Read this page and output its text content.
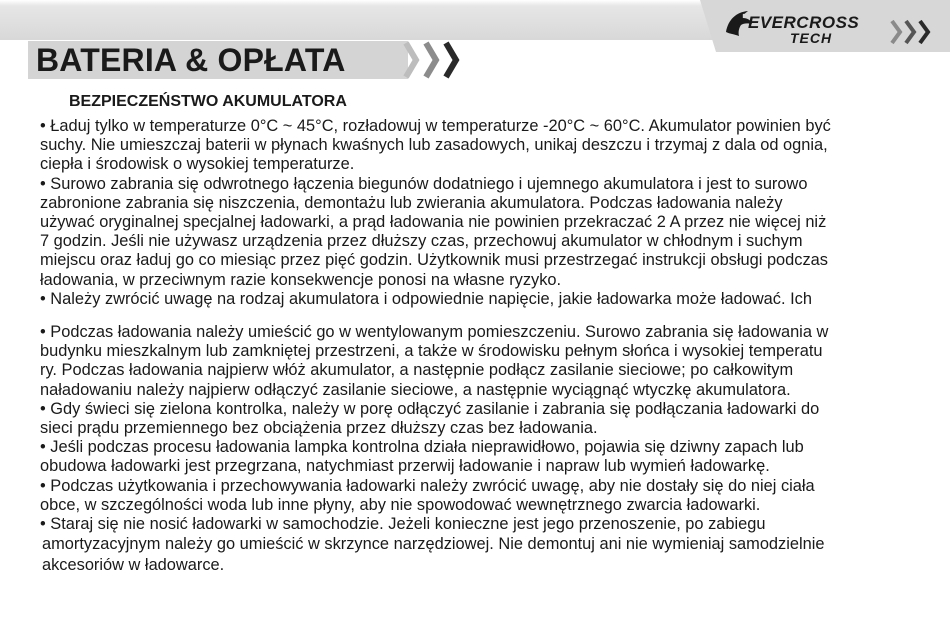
EVERCROSS
TECH
BATERIA & OPŁATA
BEZPIECZEŃSTWO AKUMULATORA

• Ładuj tylko w temperaturze 0°C ~ 45°C, rozładowuj w temperaturze -20°C ~ 60°C. Akumulator powinien być

suchy. Nie umieszczaj baterii w płynach kwaśnych lub zasadowych, unikaj deszczu i trzymaj z dala od ognia,

ciepła i środowisk o wysokiej temperaturze.

• Surowo zabrania się odwrotnego łączenia biegunów dodatniego i ujemnego akumulatora i jest to surowo

zabronione zabrania się niszczenia, demontażu lub zwierania akumulatora. Podczas ładowania należy

używać oryginalnej specjalnej ładowarki, a prąd ładowania nie powinien przekraczać 2 A przez nie więcej niż

7 godzin. Jeśli nie używasz urządzenia przez dłuższy czas, przechowuj akumulator w chłodnym i suchym

miejscu oraz ładuj go co miesiąc przez pięć godzin. Użytkownik musi przestrzegać instrukcji obsługi podczas

ładowania, w przeciwnym razie konsekwencje ponosi na własne ryzyko.

• Należy zwrócić uwagę na rodzaj akumulatora i odpowiednie napięcie, jakie ładowarka może ładować. Ich

• Podczas ładowania należy umieścić go w wentylowanym pomieszczeniu. Surowo zabrania się ładowania w

budynku mieszkalnym lub zamkniętej przestrzeni, a także w środowisku pełnym słońca i wysokiej temperatu

ry. Podczas ładowania najpierw włóż akumulator, a następnie podłącz zasilanie sieciowe; po całkowitym

naładowaniu należy najpierw odłączyć zasilanie sieciowe, a następnie wyciągnąć wtyczkę akumulatora.

• Gdy świeci się zielona kontrolka, należy w porę odłączyć zasilanie i zabrania się podłączania ładowarki do

sieci prądu przemiennego bez obciążenia przez dłuższy czas bez ładowania.

• Jeśli podczas procesu ładowania lampka kontrolna działa nieprawidłowo, pojawia się dziwny zapach lub

obudowa ładowarki jest przegrzana, natychmiast przerwij ładowanie i napraw lub wymień ładowarkę.

• Podczas użytkowania i przechowywania ładowarki należy zwrócić uwagę, aby nie dostały się do niej ciała

obce, w szczególności woda lub inne płyny, aby nie spowodować wewnętrznego zwarcia ładowarki.

• Staraj się nie nosić ładowarki w samochodzie. Jeżeli konieczne jest jego przenoszenie, po zabiegu

amortyzacyjnym należy go umieścić w skrzynce narzędziowej. Nie demontuj ani nie wymieniaj samodzielnie

akcesoriów w ładowarce.
